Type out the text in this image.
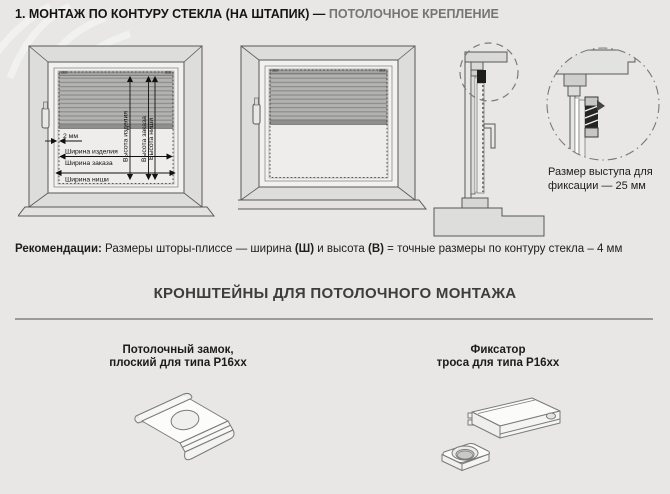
1. МОНТАЖ ПО КОНТУРУ СТЕКЛА (НА ШТАПИК) — ПОТОЛОЧНОЕ КРЕПЛЕНИЕ
Высота изделия Высота заказа Высота ниши
2 мм
Ширина изделия
Ширина заказа
Ширина ниши
Размер выступа для
фиксации — 25 мм
Рекомендации: Размеры шторы-плиссе — ширина (Ш) и высота (В) = точные размеры по контуру стекла – 4 мм
КРОНШТЕЙНЫ ДЛЯ ПОТОЛОЧНОГО МОНТАЖА
Потолочный замок,
плоский для типа P16xx
Фиксатор
троса для типа P16xx
